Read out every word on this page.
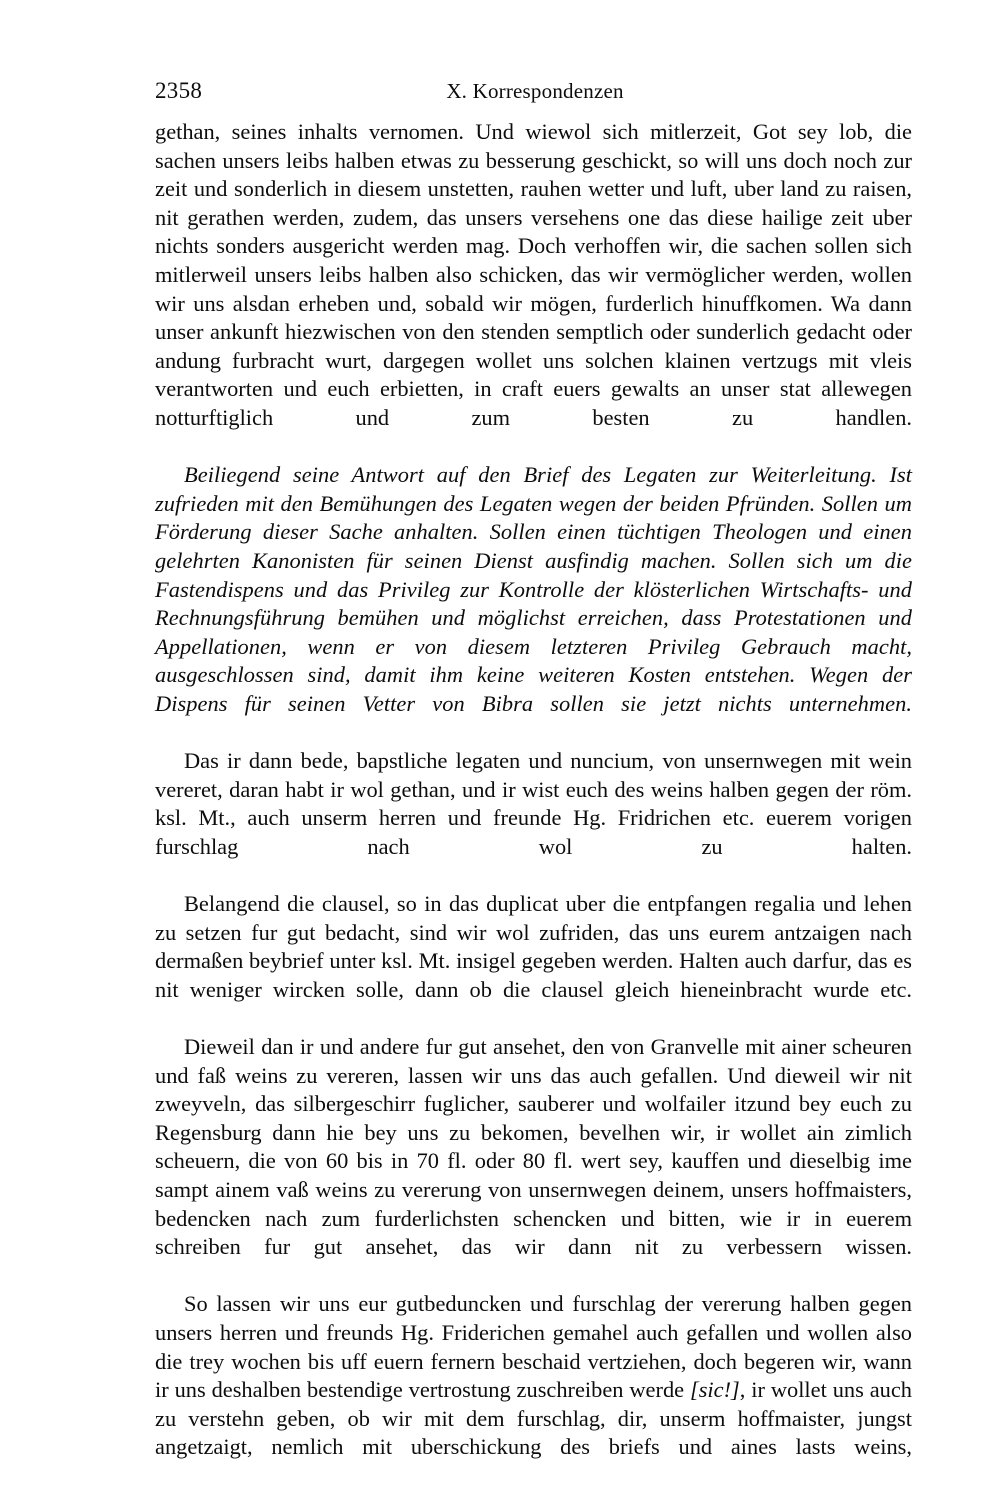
2358	X. Korrespondenzen

gethan, seines inhalts vernomen. Und wiewol sich mitlerzeit, Got sey lob, die sachen unsers leibs halben etwas zu besserung geschickt, so will uns doch noch zur zeit und sonderlich in diesem unstetten, rauhen wetter und luft, uber land zu raisen, nit gerathen werden, zudem, das unsers versehens one das diese hailige zeit uber nichts sonders ausgericht werden mag. Doch verhoffen wir, die sachen sollen sich mitlerweil unsers leibs halben also schicken, das wir vermöglicher werden, wollen wir uns alsdan erheben und, sobald wir mögen, furderlich hinuffkomen. Wa dann unser ankunft hiezwischen von den stenden semptlich oder sunderlich gedacht oder andung furbracht wurt, dargegen wollet uns solchen klainen vertzugs mit vleis verantworten und euch erbietten, in craft euers gewalts an unser stat allewegen notturftiglich und zum besten zu handlen.

Beiliegend seine Antwort auf den Brief des Legaten zur Weiterleitung. Ist zufrieden mit den Bemühungen des Legaten wegen der beiden Pfründen. Sollen um Förderung dieser Sache anhalten. Sollen einen tüchtigen Theologen und einen gelehrten Kanonisten für seinen Dienst ausfindig machen. Sollen sich um die Fastendispens und das Privileg zur Kontrolle der klösterlichen Wirtschafts- und Rechnungsführung bemühen und möglichst erreichen, dass Protestationen und Appellationen, wenn er von diesem letzteren Privileg Gebrauch macht, ausgeschlossen sind, damit ihm keine weiteren Kosten entstehen. Wegen der Dispens für seinen Vetter von Bibra sollen sie jetzt nichts unternehmen.

Das ir dann bede, bapstliche legaten und nuncium, von unsernwegen mit wein vereret, daran habt ir wol gethan, und ir wist euch des weins halben gegen der röm. ksl. Mt., auch unserm herren und freunde Hg. Fridrichen etc. euerem vorigen furschlag nach wol zu halten.

Belangend die clausel, so in das duplicat uber die entpfangen regalia und lehen zu setzen fur gut bedacht, sind wir wol zufriden, das uns eurem antzaigen nach dermaßen beybrief unter ksl. Mt. insigel gegeben werden. Halten auch darfur, das es nit weniger wircken solle, dann ob die clausel gleich hieneinbracht wurde etc.

Dieweil dan ir und andere fur gut ansehet, den von Granvelle mit ainer scheuren und faß weins zu vereren, lassen wir uns das auch gefallen. Und dieweil wir nit zweyveln, das silbergeschirr fuglicher, sauberer und wolfailer itzund bey euch zu Regensburg dann hie bey uns zu bekomen, bevelhen wir, ir wollet ain zimlich scheuern, die von 60 bis in 70 fl. oder 80 fl. wert sey, kauffen und dieselbig ime sampt ainem vaß weins zu vererung von unsernwegen deinem, unsers hoffmaisters, bedencken nach zum furderlichsten schencken und bitten, wie ir in euerem schreiben fur gut ansehet, das wir dann nit zu verbessern wissen.

So lassen wir uns eur gutbeduncken und furschlag der vererung halben gegen unsers herren und freunds Hg. Friderichen gemahel auch gefallen und wollen also die trey wochen bis uff euern fernern beschaid vertziehen, doch begeren wir, wann ir uns deshalben bestendige vertrostung zuschreiben werde [sic!], ir wollet uns auch zu verstehn geben, ob wir mit dem furschlag, dir, unserm hoffmaister, jungst angetzaigt, nemlich mit uberschickung des briefs und aines lasts weins,
